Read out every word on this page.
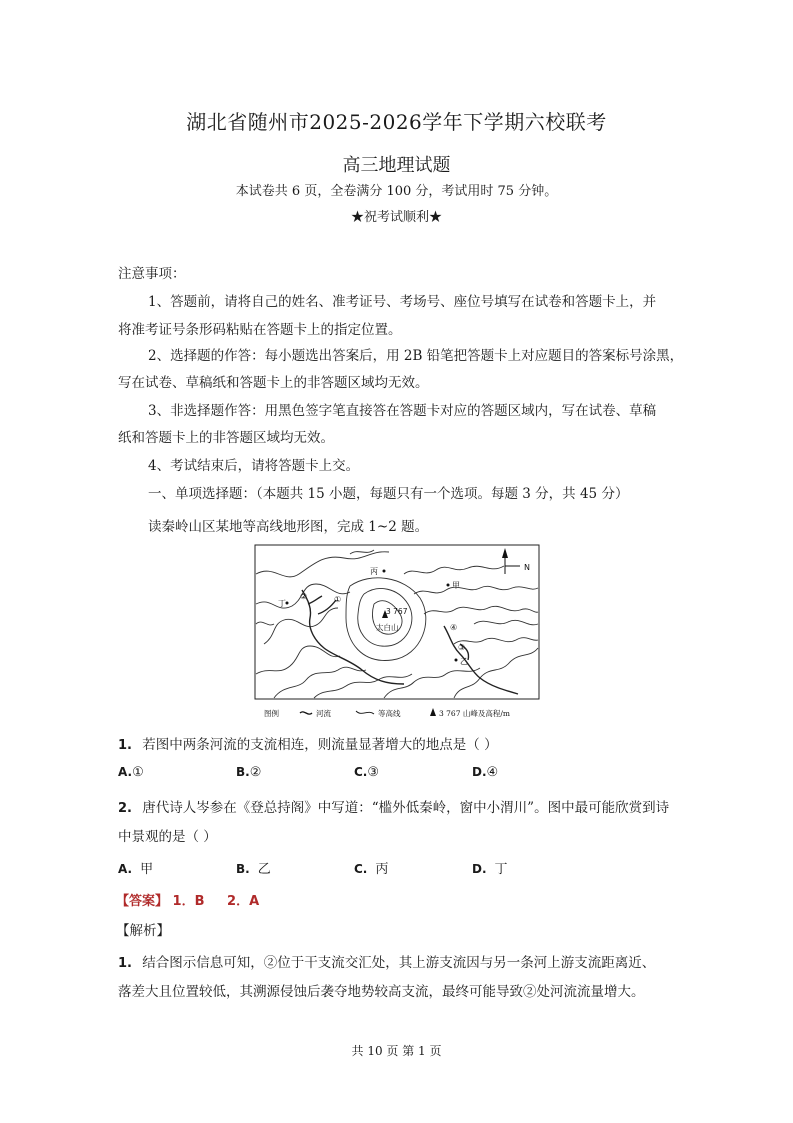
湖北省随州市2025-2026学年下学期六校联考
高三地理试题
本试卷共 6 页，全卷满分 100 分，考试用时 75 分钟。
★祝考试顺利★
注意事项：
1、答题前，请将自己的姓名、准考证号、考场号、座位号填写在试卷和答题卡上，并
将准考证号条形码粘贴在答题卡上的指定位置。
2、选择题的作答：每小题选出答案后，用 2B 铅笔把答题卡上对应题目的答案标号涂黑，
写在试卷、草稿纸和答题卡上的非答题区域均无效。
3、非选择题作答：用黑色签字笔直接答在答题卡对应的答题区域内，写在试卷、草稿
纸和答题卡上的非答题区域均无效。
4、考试结束后，请将答题卡上交。
一、单项选择题：（本题共 15 小题，每题只有一个选项。每题 3 分，共 45 分）
读秦岭山区某地等高线地形图，完成 1~2 题。
丙
甲
丁
乙
3 767
太白山
①
②
③
④
N
图例	河流	等高线	3 767 山峰及高程/m
1. 若图中两条河流的支流相连，则流量显著增大的地点是（ ）
A.①	B.②	C.③	D.④
2. 唐代诗人岑参在《登总持阁》中写道：“槛外低秦岭，窗中小渭川”。图中最可能欣赏到诗
中景观的是（ ）
A. 甲	B. 乙	C. 丙	D. 丁
【答案】 1．B 2．A
【解析】
1. 结合图示信息可知，②位于干支流交汇处，其上游支流因与另一条河上游支流距离近、
落差大且位置较低，其溯源侵蚀后袭夺地势较高支流，最终可能导致②处河流流量增大。
共 10 页 第 1 页
